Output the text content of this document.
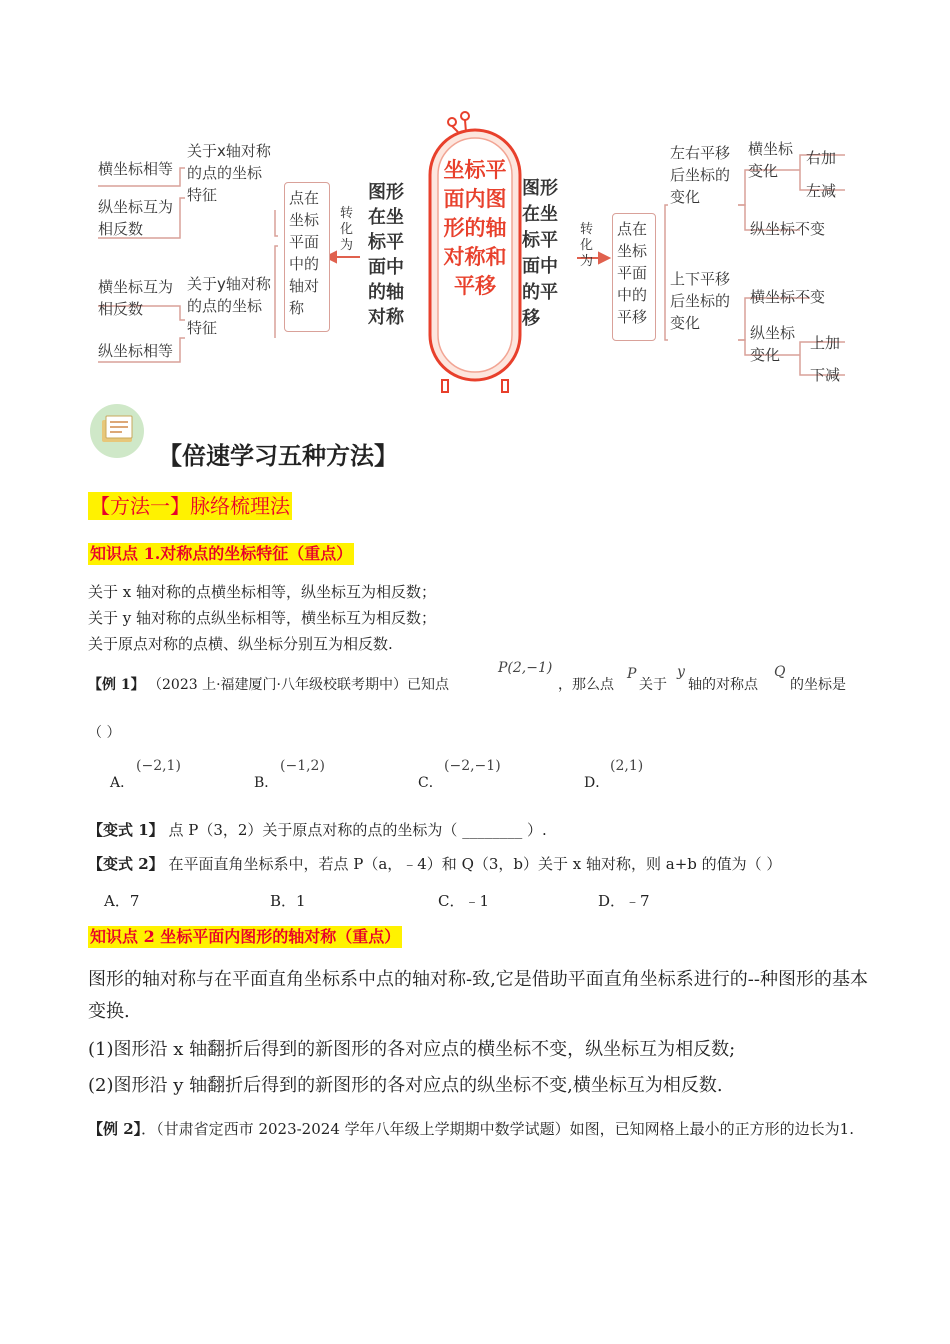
横坐标相等
纵坐标互为相反数
横坐标互为相反数
纵坐标相等
关于x轴对称的点的坐标特征
关于y轴对称的点的坐标特征
点在坐标平面中的轴对称
转化为
图形在坐标平面中的轴对称
坐标平面内图形的轴对称和平移
图形在坐标平面中的平移
转化为
点在坐标平面中的平移
左右平移后坐标的变化
横坐标变化
右加
左减
纵坐标不变
上下平移后坐标的变化
横坐标不变
纵坐标变化
上加
下减
【倍速学习五种方法】
【方法一】脉络梳理法
知识点 1.对称点的坐标特征（重点）
关于 x 轴对称的点横坐标相等，纵坐标互为相反数；
关于 y 轴对称的点纵坐标相等，横坐标互为相反数；
关于原点对称的点横、纵坐标分别互为相反数.
【例 1】 （2023 上·福建厦门·八年级校联考期中）已知点
P(2,−1)
，那么点
P
关于
y
轴的对称点
Q
的坐标是
（ ）
A．
(−2,1)
B．
(−1,2)
C．
(−2,−1)
D．
(2,1)
【变式 1】 点 P（3，2）关于原点对称的点的坐标为（ ________ ）.
【变式 2】 在平面直角坐标系中，若点 P（a，﹣4）和 Q（3，b）关于 x 轴对称，则 a+b 的值为（ ）
A．7	B．1	C．﹣1	D．﹣7
知识点 2 坐标平面内图形的轴对称（重点）
图形的轴对称与在平面直角坐标系中点的轴对称-致,它是借助平面直角坐标系进行的--种图形的基本变换.
(1)图形沿 x 轴翻折后得到的新图形的各对应点的横坐标不变，纵坐标互为相反数;
(2)图形沿 y 轴翻折后得到的新图形的各对应点的纵坐标不变,横坐标互为相反数.
【例 2】．（甘肃省定西市 2023-2024 学年八年级上学期期中数学试题）如图，已知网格上最小的正方形的边长为1.
